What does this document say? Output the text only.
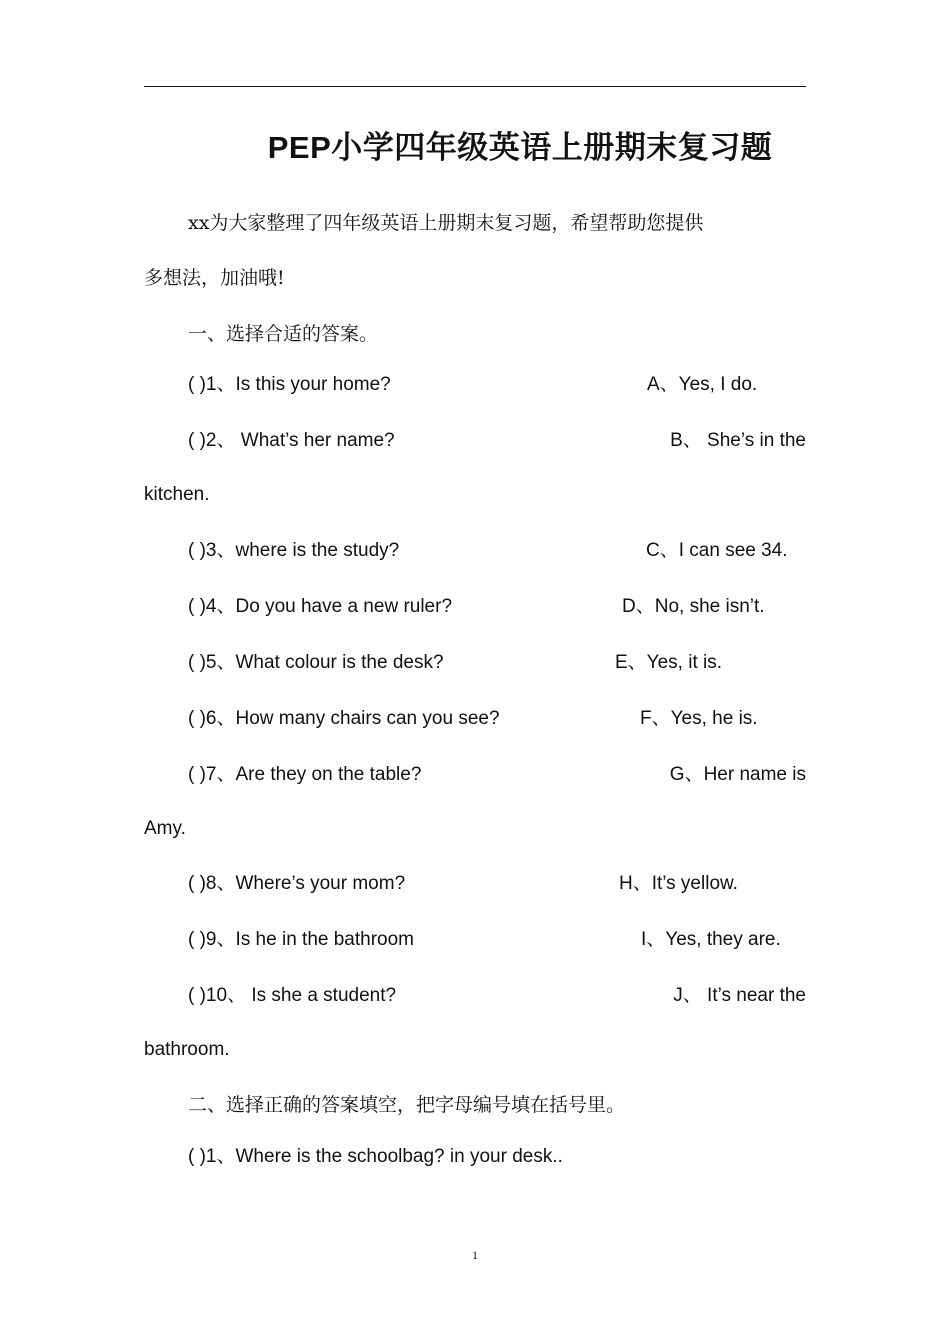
PEP小学四年级英语上册期末复习题
xx为大家整理了四年级英语上册期末复习题，希望帮助您提供
多想法，加油哦!
一、选择合适的答案。
( )1、Is this your home?	A、Yes, I do.
( )2、 What’s her name?	B、 She’s in the
kitchen.
( )3、where is the study?	C、I can see 34.
( )4、Do you have a new ruler?	D、No, she isn’t.
( )5、What colour is the desk?	E、Yes, it is.
( )6、How many chairs can you see?	F、Yes, he is.
( )7、Are they on the table?	G、Her name is
Amy.
( )8、Where’s your mom?	H、It’s yellow.
( )9、Is he in the bathroom	I、Yes, they are.
( )10、 Is she a student?	J、 It’s near the
bathroom.
二、选择正确的答案填空，把字母编号填在括号里。
( )1、Where is the schoolbag? in your desk..
1
